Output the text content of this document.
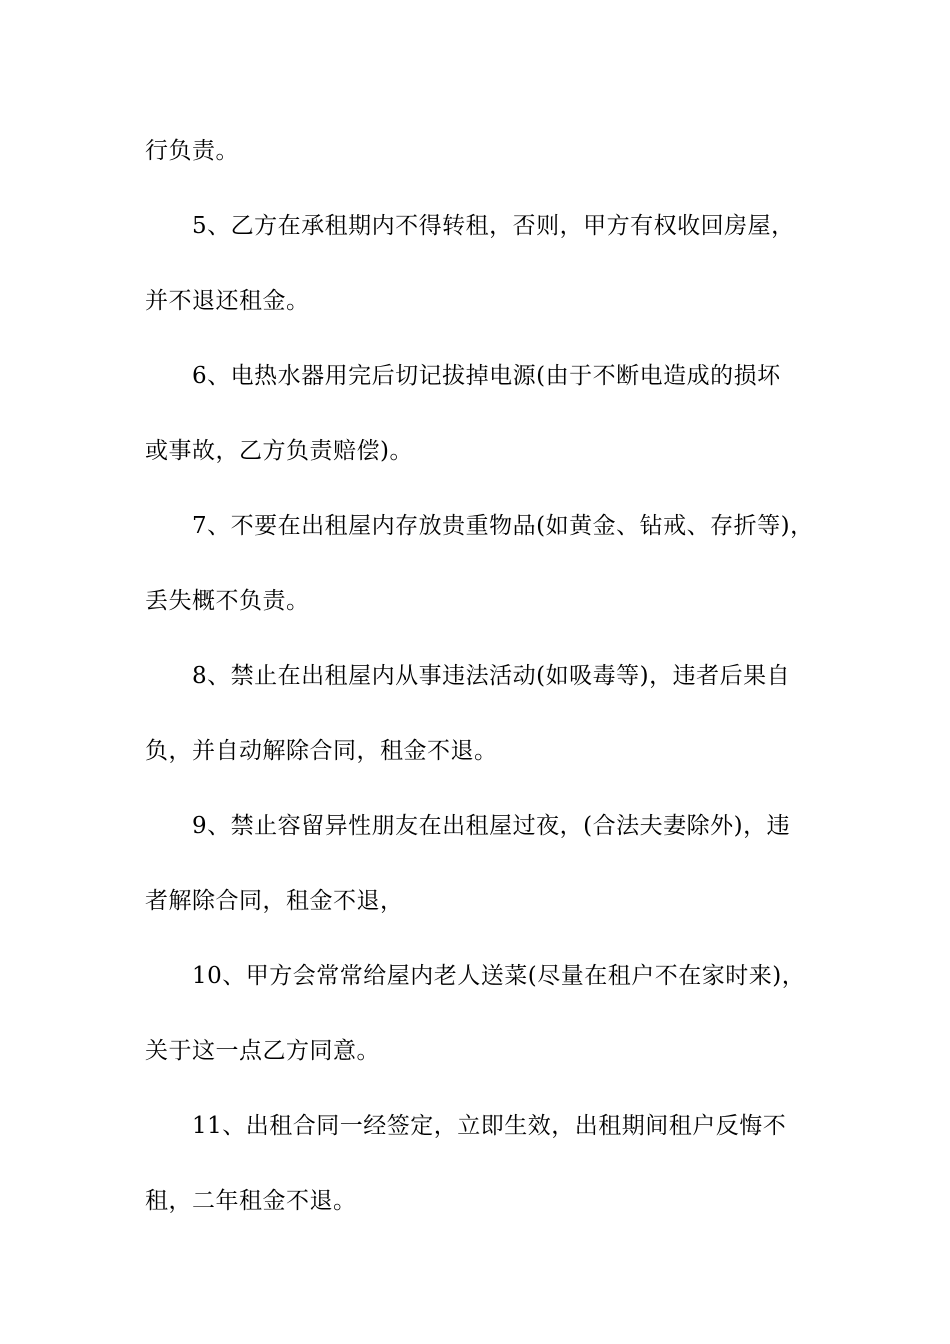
行负责。
5、乙方在承租期内不得转租，否则，甲方有权收回房屋，
并不退还租金。
6、电热水器用完后切记拔掉电源(由于不断电造成的损坏
或事故，乙方负责赔偿)。
7、不要在出租屋内存放贵重物品(如黄金、钻戒、存折等)，
丢失概不负责。
8、禁止在出租屋内从事违法活动(如吸毒等)，违者后果自
负，并自动解除合同，租金不退。
9、禁止容留异性朋友在出租屋过夜，(合法夫妻除外)，违
者解除合同，租金不退，
10、甲方会常常给屋内老人送菜(尽量在租户不在家时来)，
关于这一点乙方同意。
11、出租合同一经签定，立即生效，出租期间租户反悔不
租，二年租金不退。
